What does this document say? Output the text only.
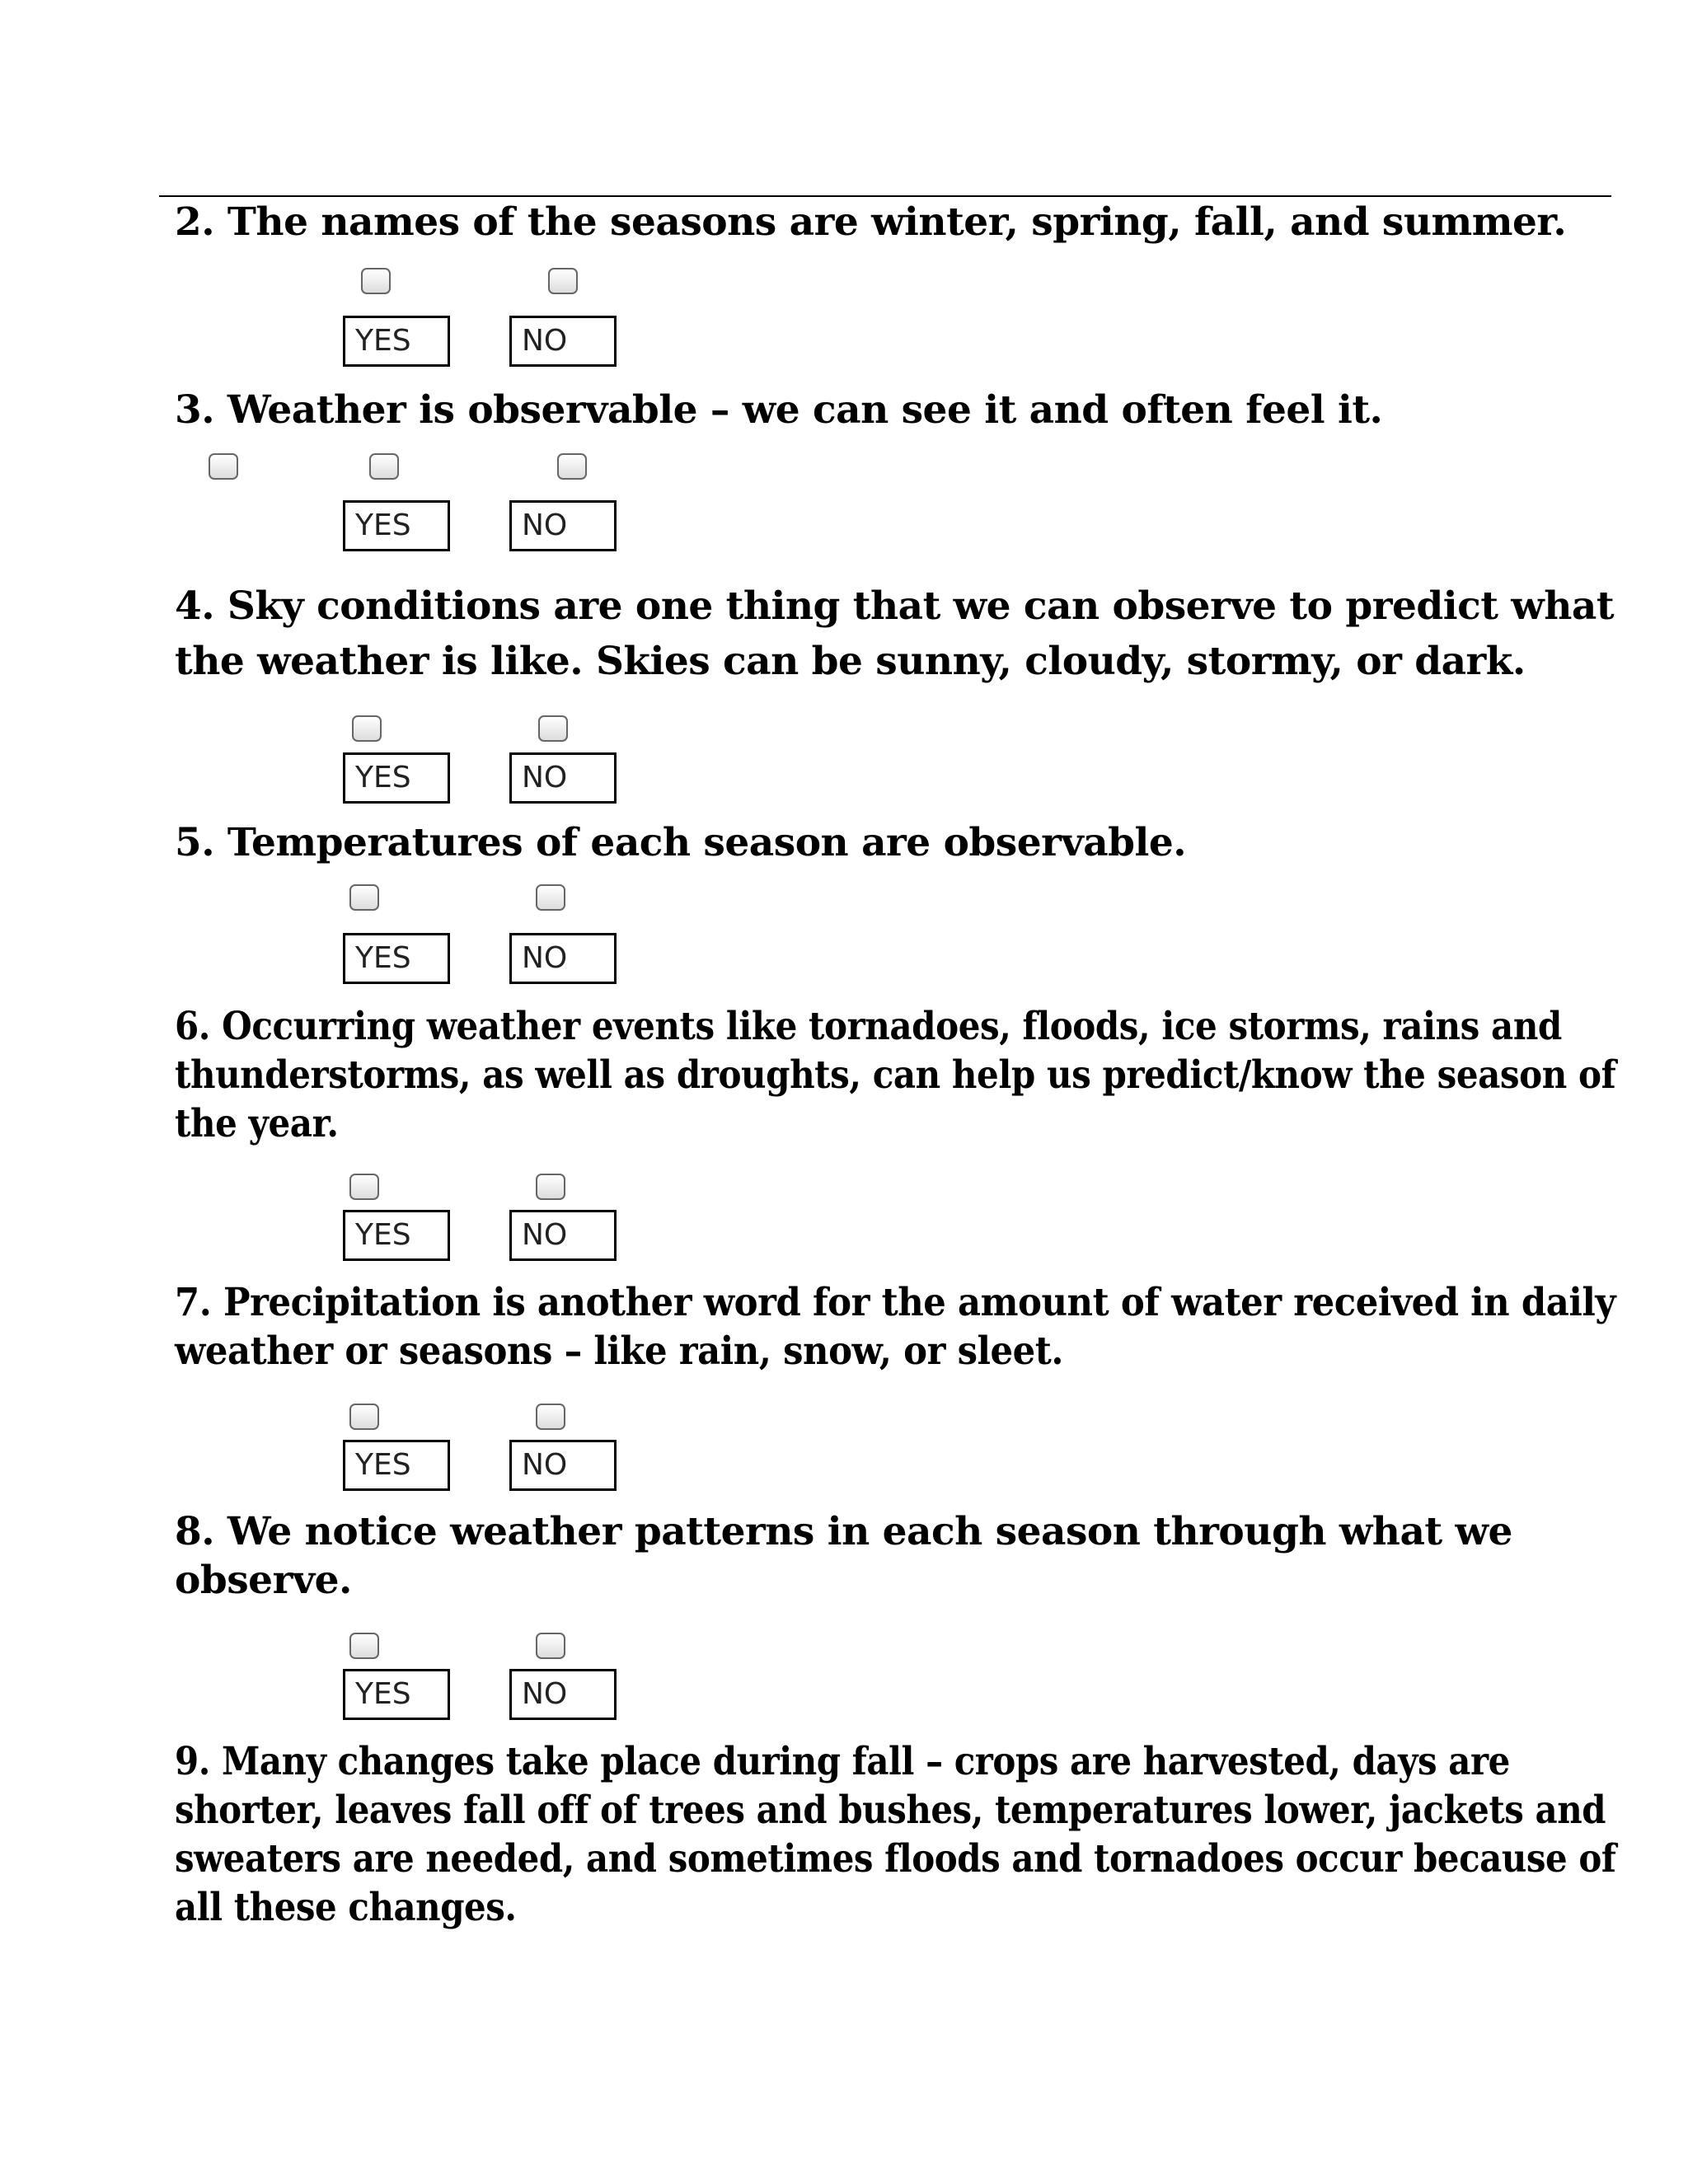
2. The names of the seasons are winter, spring, fall, and summer.

YES	NO

3. Weather is observable – we can see it and often feel it.

YES	NO

4. Sky conditions are one thing that we can observe to predict what
the weather is like. Skies can be sunny, cloudy, stormy, or dark.

YES	NO

5. Temperatures of each season are observable.

YES	NO

6. Occurring weather events like tornadoes, floods, ice storms, rains and
thunderstorms, as well as droughts, can help us predict/know the season of
the year.

YES	NO

7. Precipitation is another word for the amount of water received in daily
weather or seasons – like rain, snow, or sleet.

YES	NO

8. We notice weather patterns in each season through what we
observe.

YES	NO

9. Many changes take place during fall – crops are harvested, days are
shorter, leaves fall off of trees and bushes, temperatures lower, jackets and
sweaters are needed, and sometimes floods and tornadoes occur because of
all these changes.
